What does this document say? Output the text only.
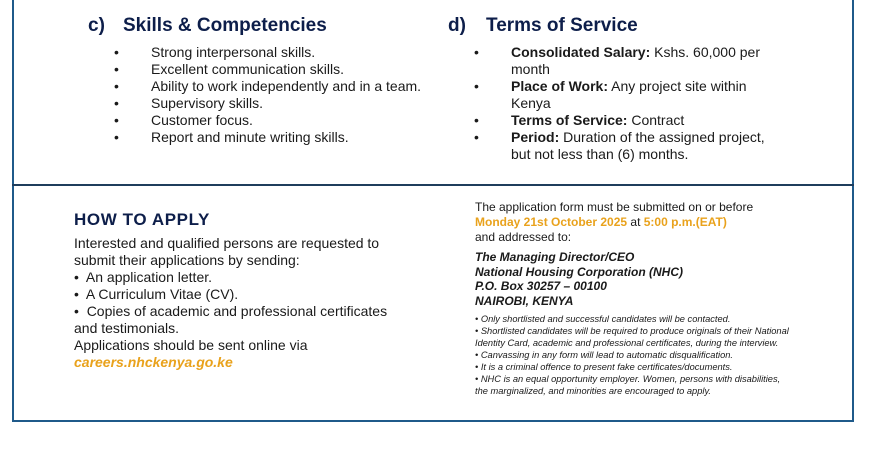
c) Skills & Competencies
• Strong interpersonal skills.
• Excellent communication skills.
• Ability to work independently and in a team.
• Supervisory skills.
• Customer focus.
• Report and minute writing skills.
d) Terms of Service
• Consolidated Salary: Kshs. 60,000 per
month
• Place of Work: Any project site within
Kenya
• Terms of Service: Contract
• Period: Duration of the assigned project,
but not less than (6) months.
HOW TO APPLY
Interested and qualified persons are requested to
submit their applications by sending:
•  An application letter.
•  A Curriculum Vitae (CV).
•  Copies of academic and professional certificates
and testimonials.
Applications should be sent online via
careers.nhckenya.go.ke
The application form must be submitted on or before
Monday 21st October 2025 at 5:00 p.m.(EAT)
and addressed to:
The Managing Director/CEO
National Housing Corporation (NHC)
P.O. Box 30257 – 00100
NAIROBI, KENYA
• Only shortlisted and successful candidates will be contacted.
• Shortlisted candidates will be required to produce originals of their National
Identity Card, academic and professional certificates, during the interview.
• Canvassing in any form will lead to automatic disqualification.
• It is a criminal offence to present fake certificates/documents.
• NHC is an equal opportunity employer. Women, persons with disabilities,
the marginalized, and minorities are encouraged to apply.
